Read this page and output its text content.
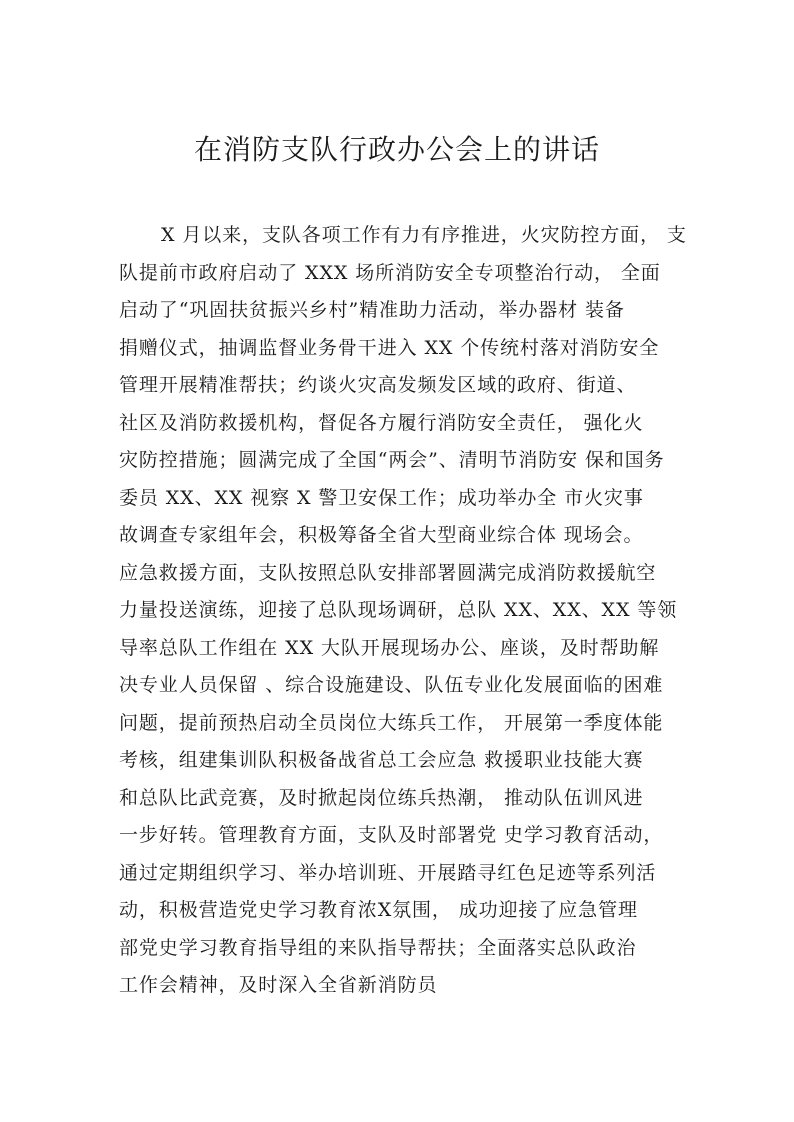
在消防支队行政办公会上的讲话
X 月以来，支队各项工作有力有序推进，火灾防控方面， 支
队提前市政府启动了 XXX 场所消防安全专项整治行动， 全面
启动了“巩固扶贫振兴乡村”精准助力活动，举办器材 装备
捐赠仪式，抽调监督业务骨干进入 XX 个传统村落对消防安全
管理开展精准帮扶；约谈火灾高发频发区域的政府、街道、
社区及消防救援机构，督促各方履行消防安全责任， 强化火
灾防控措施；圆满完成了全国“两会”、清明节消防安 保和国务
委员 XX、XX 视察 X 警卫安保工作；成功举办全 市火灾事
故调查专家组年会，积极筹备全省大型商业综合体 现场会。
应急救援方面，支队按照总队安排部署圆满完成消防救援航空
力量投送演练，迎接了总队现场调研，总队 XX、XX、XX 等领
导率总队工作组在 XX 大队开展现场办公、座谈，及时帮助解
决专业人员保留 、综合设施建设、队伍专业化发展面临的困难
问题，提前预热启动全员岗位大练兵工作， 开展第一季度体能
考核，组建集训队积极备战省总工会应急 救援职业技能大赛
和总队比武竞赛，及时掀起岗位练兵热潮， 推动队伍训风进
一步好转。管理教育方面，支队及时部署党 史学习教育活动，
通过定期组织学习、举办培训班、开展踏寻红色足迹等系列活
动，积极营造党史学习教育浓X氛围， 成功迎接了应急管理
部党史学习教育指导组的来队指导帮扶；全面落实总队政治
工作会精神，及时深入全省新消防员
